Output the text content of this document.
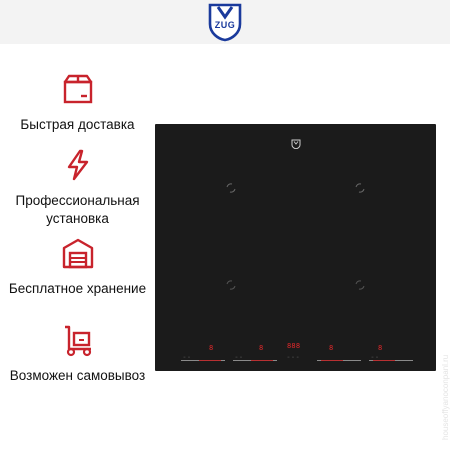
ZUG
Быстрая доставка
Профессиональная установка
Бесплатное хранение
Возможен самовывоз
8	8	888	8	8
◦ ◦	◦ ◦	◦ ◦ ◦	◦ ◦	houseoffyanoconpanl.ru
